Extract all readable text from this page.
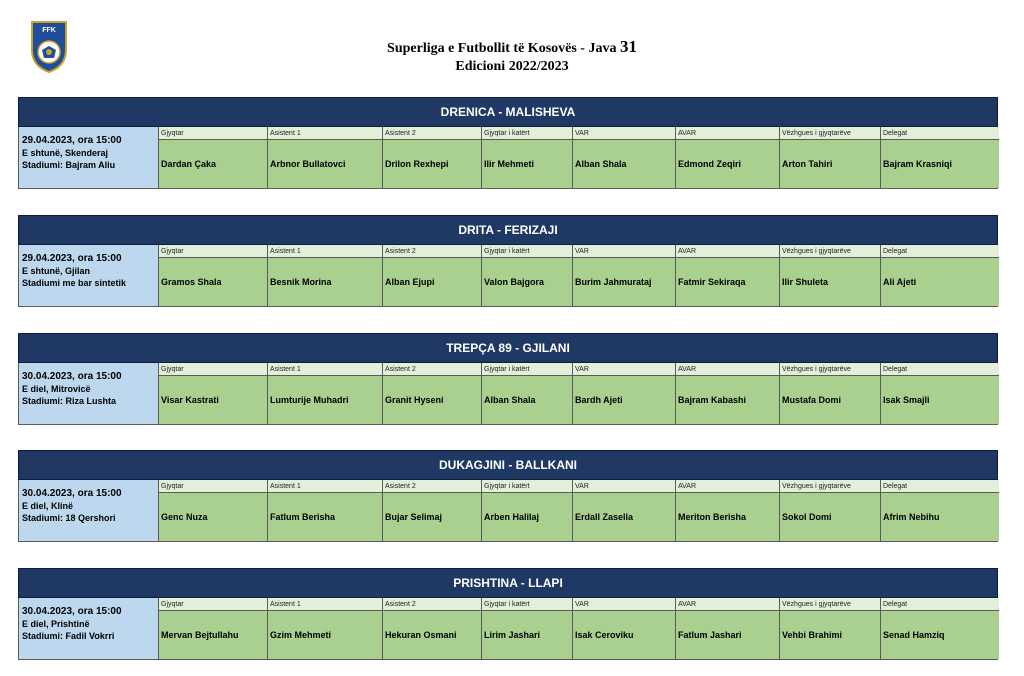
FFK
Superliga e Futbollit të Kosovës - Java 31
Edicioni 2022/2023
DRENICA - MALISHEVA
29.04.2023, ora 15:00
E shtunë, Skenderaj
Stadiumi: Bajram Aliu
Gjyqtar
Dardan Çaka
Asistent 1
Arbnor Bullatovci
Asistent 2
Drilon Rexhepi
Gjyqtar i katërt
Ilir Mehmeti
VAR
Alban Shala
AVAR
Edmond Zeqiri
Vëzhgues i gjyqtarëve
Arton Tahiri
Delegat
Bajram Krasniqi
DRITA - FERIZAJI
29.04.2023, ora 15:00
E shtunë, Gjilan
Stadiumi me bar sintetik
Gjyqtar
Gramos Shala
Asistent 1
Besnik Morina
Asistent 2
Alban Ejupi
Gjyqtar i katërt
Valon Bajgora
VAR
Burim Jahmurataj
AVAR
Fatmir Sekiraqa
Vëzhgues i gjyqtarëve
Ilir Shuleta
Delegat
Ali Ajeti
TREPÇA 89 - GJILANI
30.04.2023, ora 15:00
E diel, Mitrovicë
Stadiumi: Riza Lushta
Gjyqtar
Visar Kastrati
Asistent 1
Lumturije Muhadri
Asistent 2
Granit Hyseni
Gjyqtar i katërt
Alban Shala
VAR
Bardh Ajeti
AVAR
Bajram Kabashi
Vëzhgues i gjyqtarëve
Mustafa Domi
Delegat
Isak Smajli
DUKAGJINI - BALLKANI
30.04.2023, ora 15:00
E diel, Klinë
Stadiumi: 18 Qershori
Gjyqtar
Genc Nuza
Asistent 1
Fatlum Berisha
Asistent 2
Bujar Selimaj
Gjyqtar i katërt
Arben Halilaj
VAR
Erdall Zasella
AVAR
Meriton Berisha
Vëzhgues i gjyqtarëve
Sokol Domi
Delegat
Afrim Nebihu
PRISHTINA - LLAPI
30.04.2023, ora 15:00
E diel, Prishtinë
Stadiumi: Fadil Vokrri
Gjyqtar
Mervan Bejtullahu
Asistent 1
Gzim Mehmeti
Asistent 2
Hekuran Osmani
Gjyqtar i katërt
Lirim Jashari
VAR
Isak Ceroviku
AVAR
Fatlum Jashari
Vëzhgues i gjyqtarëve
Vehbi Brahimi
Delegat
Senad Hamziq
